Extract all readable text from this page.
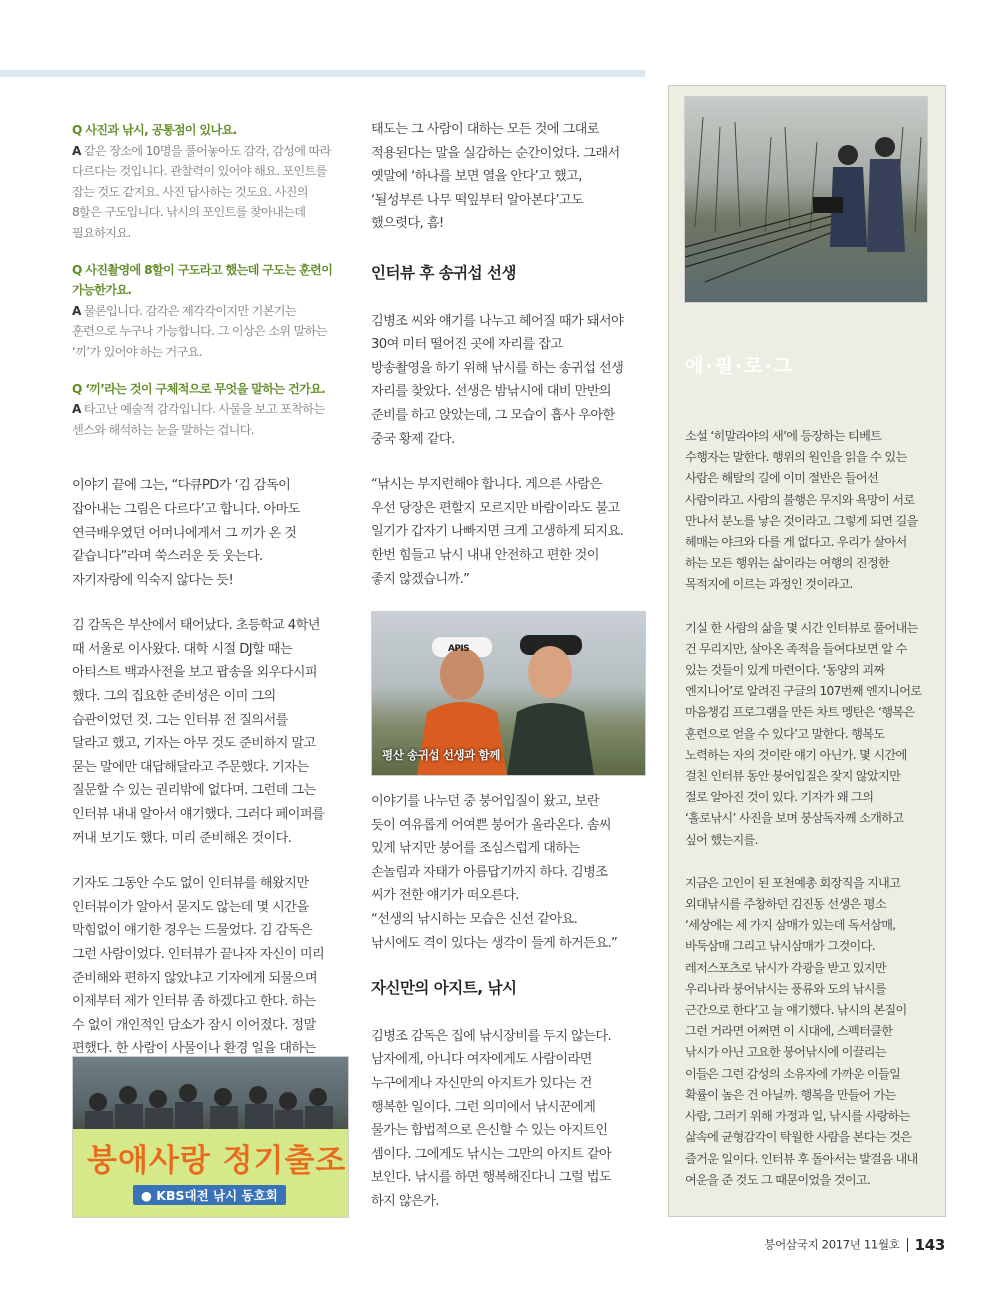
Q 사진과 낚시, 공통점이 있나요.
A 같은 장소에 10명을 풀어놓아도 감각, 감성에 따라
다르다는 것입니다. 관찰력이 있어야 해요. 포인트를
잡는 것도 같지요. 사진 답사하는 것도요. 사진의
8할은 구도입니다. 낚시의 포인트를 찾아내는데
필요하지요.
Q 사진촬영에 8할이 구도라고 했는데 구도는 훈련이
가능한가요.
A 물론입니다. 감각은 제각각이지만 기본기는
훈련으로 누구나 가능합니다. 그 이상은 소위 말하는
‘끼’가 있어야 하는 거구요.
Q ‘끼’라는 것이 구체적으로 무엇을 말하는 건가요.
A 타고난 예술적 감각입니다. 사물을 보고 포착하는
센스와 해석하는 눈을 말하는 겁니다.

이야기 끝에 그는, “다큐PD가 ‘김 감독이
잡아내는 그림은 다르다’고 합니다. 아마도
연극배우였던 어머니에게서 그 끼가 온 것
같습니다”라며 쑥스러운 듯 웃는다.
자기자랑에 익숙지 않다는 듯!

김 감독은 부산에서 태어났다. 초등학교 4학년
때 서울로 이사왔다. 대학 시절 DJ할 때는
아티스트 백과사전을 보고 팝송을 외우다시피
했다. 그의 집요한 준비성은 이미 그의
습관이었던 것. 그는 인터뷰 전 질의서를
달라고 했고, 기자는 아무 것도 준비하지 말고
묻는 말에만 대답해달라고 주문했다. 기자는
질문할 수 있는 권리밖에 없다며. 그런데 그는
인터뷰 내내 알아서 얘기했다. 그러다 페이퍼를
꺼내 보기도 했다. 미리 준비해온 것이다.

기자도 그동안 수도 없이 인터뷰를 해왔지만
인터뷰이가 알아서 묻지도 않는데 몇 시간을
막힘없이 얘기한 경우는 드물었다. 김 감독은
그런 사람이었다. 인터뷰가 끝나자 자신이 미리
준비해와 편하지 않았냐고 기자에게 되물으며
이제부터 제가 인터뷰 좀 하겠다고 한다. 하는
수 없이 개인적인 담소가 잠시 이어졌다. 정말
편했다. 한 사람이 사물이나 환경 일을 대하는

붕애사랑 정기출조
● KBS대전 낚시 동호회

태도는 그 사람이 대하는 모든 것에 그대로
적용된다는 말을 실감하는 순간이었다. 그래서
옛말에 ‘하나를 보면 열을 안다’고 했고,
‘될성부른 나무 떡잎부터 알아본다’고도
했으렷다, 흠!

인터뷰 후 송귀섭 선생

김병조 씨와 얘기를 나누고 헤어질 때가 돼서야
30여 미터 떨어진 곳에 자리를 잡고
방송촬영을 하기 위해 낚시를 하는 송귀섭 선생
자리를 찾았다. 선생은 밤낚시에 대비 만반의
준비를 하고 앉았는데, 그 모습이 흡사 우아한
중국 황제 같다.

“낚시는 부지런해야 합니다. 게으른 사람은
우선 당장은 편할지 모르지만 바람이라도 불고
일기가 갑자기 나빠지면 크게 고생하게 되지요.
한번 힘들고 낚시 내내 안전하고 편한 것이
좋지 않겠습니까.”

APIS
평산 송귀섭 선생과 함께

이야기를 나누던 중 붕어입질이 왔고, 보란
듯이 여유롭게 어여쁜 붕어가 올라온다. 솜씨
있게 낚지만 붕어를 조심스럽게 대하는
손놀림과 자태가 아름답기까지 하다. 김병조
씨가 전한 얘기가 떠오른다.
“선생의 낚시하는 모습은 신선 같아요.
낚시에도 격이 있다는 생각이 들게 하거든요.”

자신만의 아지트, 낚시

김병조 감독은 집에 낚시장비를 두지 않는다.
남자에게, 아니다 여자에게도 사람이라면
누구에게나 자신만의 아지트가 있다는 건
행복한 일이다. 그런 의미에서 낚시꾼에게
물가는 합법적으로 은신할 수 있는 아지트인
셈이다. 그에게도 낚시는 그만의 아지트 같아
보인다. 낚시를 하면 행복해진다니 그럴 법도
하지 않은가.

에·필·로·그

소설 ‘히말라야의 새’에 등장하는 티베트
수행자는 말한다. 행위의 원인을 읽을 수 있는
사람은 해탈의 길에 이미 절반은 들어선
사람이라고. 사람의 불행은 무지와 욕망이 서로
만나서 분노를 낳은 것이라고. 그렇게 되면 길을
헤매는 야크와 다를 게 없다고. 우리가 살아서
하는 모든 행위는 삶이라는 여행의 진정한
목적지에 이르는 과정인 것이라고.

기실 한 사람의 삶을 몇 시간 인터뷰로 풀어내는
건 무리지만, 살아온 족적을 들여다보면 알 수
있는 것들이 있게 마련이다. ‘동양의 괴짜
엔지니어’로 알려진 구글의 107번째 엔지니어로
마음챙김 프로그램을 만든 차트 멩탄은 ‘행복은
훈련으로 얻을 수 있다’고 말한다. 행복도
노력하는 자의 것이란 얘기 아닌가. 몇 시간에
걸친 인터뷰 동안 붕어입질은 잦지 않았지만
절로 알아진 것이 있다. 기자가 왜 그의
‘홀로낚시’ 사진을 보며 붕삼독자께 소개하고
싶어 했는지를.

지금은 고인이 된 포천예총 회장직을 지내고
외대낚시를 주창하던 김진동 선생은 평소
‘세상에는 세 가지 삼매가 있는데 독서삼매,
바둑삼매 그리고 낚시삼매가 그것이다.
레저스포츠로 낚시가 각광을 받고 있지만
우리나라 붕어낚시는 풍류와 도의 낚시를
근간으로 한다’고 늘 얘기했다. 낚시의 본질이
그런 거라면 어쩌면 이 시대에, 스펙터클한
낚시가 아닌 고요한 붕어낚시에 이끌리는
이들은 그런 감성의 소유자에 가까운 이들일
확률이 높은 건 아닐까. 행복을 만들어 가는
사람, 그러기 위해 가정과 일, 낚시를 사랑하는
삶속에 균형감각이 탁월한 사람을 본다는 것은
즐거운 일이다. 인터뷰 후 돌아서는 발걸음 내내
여운을 준 것도 그 때문이었을 것이고.

붕어삼국지 2017년 11월호 143
